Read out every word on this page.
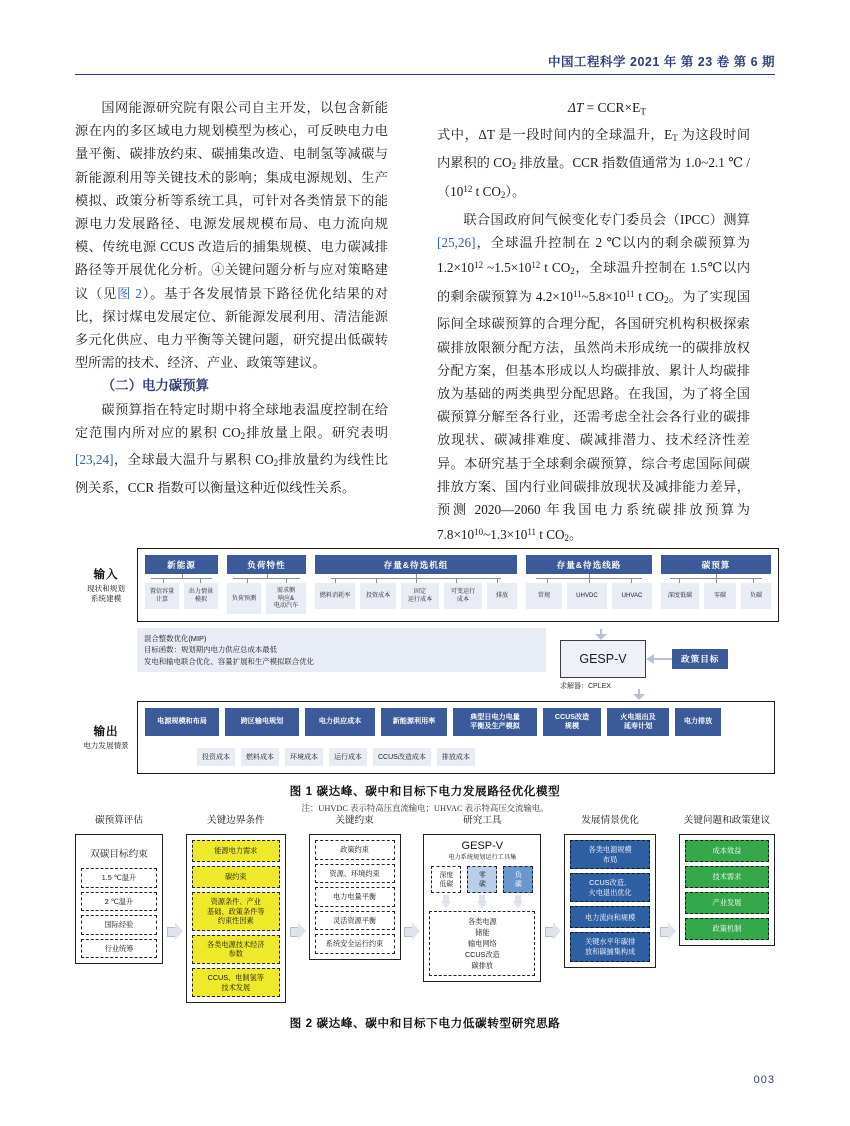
中国工程科学 2021 年 第 23 卷 第 6 期

国网能源研究院有限公司自主开发，以包含新能源在内的多区域电力规划模型为核心，可反映电力电量平衡、碳排放约束、碳捕集改造、电制氢等减碳与新能源利用等关键技术的影响；集成电源规划、生产模拟、政策分析等系统工具，可针对各类情景下的能源电力发展路径、电源发展规模布局、电力流向规模、传统电源 CCUS 改造后的捕集规模、电力碳减排路径等开展优化分析。④关键问题分析与应对策略建议（见图 2）。基于各发展情景下路径优化结果的对比，探讨煤电发展定位、新能源发展利用、清洁能源多元化供应、电力平衡等关键问题，研究提出低碳转型所需的技术、经济、产业、政策等建议。

（二）电力碳预算

碳预算指在特定时期中将全球地表温度控制在给定范围内所对应的累积 $CO_2$排放量上限。研究表明 [23,24]，全球最大温升与累积 $CO_2$排放量约为线性比例关系，CCR 指数可以衡量这种近似线性关系。

$\Delta T = CCR\times E_T$

式中，ΔT 是一段时间内的全球温升，$E_T$ 为这段时间内累积的 $CO_2$ 排放量。CCR 指数值通常为 1.0~2.1 ℃ $/(10^{12}$ t $CO_2$）。

联合国政府间气候变化专门委员会（IPCC）测算 [25,26]，全球温升控制在 2 ℃以内的剩余碳预算为 $1.2\times 10^{12}$ $\sim 1.5\times 10^{12}$ t $CO_2$，全球温升控制在 1.5℃以内的剩余碳预算为 $4.2\times 10^{11}\sim 5.8\times 10^{11}$ t $CO_2$。为了实现国际间全球碳预算的合理分配，各国研究机构积极探索碳排放限额分配方法，虽然尚未形成统一的碳排放权分配方案，但基本形成以人均碳排放、累计人均碳排放为基础的两类典型分配思路。在我国，为了将全国碳预算分解至各行业，还需考虑全社会各行业的碳排放现状、碳减排难度、碳减排潜力、技术经济性差异。本研究基于全球剩余碳预算，综合考虑国际间碳排放方案、国内行业间碳排放现状及减排能力差异，预测 2020—2060 年我国电力系统碳排放预算为 $7.8\times 10^{10}\sim 1.3\times 10^{11}$ t $CO_2$。

输入
现状和规划
系统建模
新能源
置信容量
计算
出力情景
模拟
负荷特性
负荷预测
需求侧
响应&
电动汽车
存量&待选机组
燃料消耗率	投资成本
固定
运行成本
可变运行
成本
排放
存量&待选线路
常规	UHVDC	UHVAC
碳预算
深度低碳	零碳	负碳
混合整数优化(MIP)
目标函数：规划期内电力供应总成本最低
发电和输电联合优化、容量扩展和生产模拟联合优化	GESP-V	政策目标
求解器：CPLEX
输出
电力发展情景
电源规模和布局	跨区输电规划	电力供应成本	新能源利用率
典型日电力电量
平衡及生产模拟
CCUS改造
规模
火电退出及
延寿计划
电力排放
投资成本	燃料成本	环境成本	运行成本	CCUS改造成本	排放成本
图 1 碳达峰、碳中和目标下电力发展路径优化模型
注：UHVDC 表示特高压直流输电；UHVAC 表示特高压交流输电。
碳预算评估
双碳目标约束
1.5 ℃温升
2 ℃温升
国际经验
行业统筹
关键边界条件
能源电力需求
碳约束
资源条件、产业
基础、政策条件等
约束性因素
各类电源技术经济
参数
CCUS、电制氢等
技术发展
关键约束
政策约束
资源、环境约束
电力电量平衡
灵活资源平衡
系统安全运行约束
研究工具
GESP-V
电力系统规划运行工具集
深度
低碳
零
碳
负
碳
各类电源
储能
输电网络
CCUS改造
碳排放
发展情景优化
各类电源规模
布局
CCUS改造、
火电退出优化
电力流向和规模
关键水平年碳排
放和碳捕集构成
关键问题和政策建议
成本效益
技术需求
产业发展
政策机制
图 2 碳达峰、碳中和目标下电力低碳转型研究思路
003
